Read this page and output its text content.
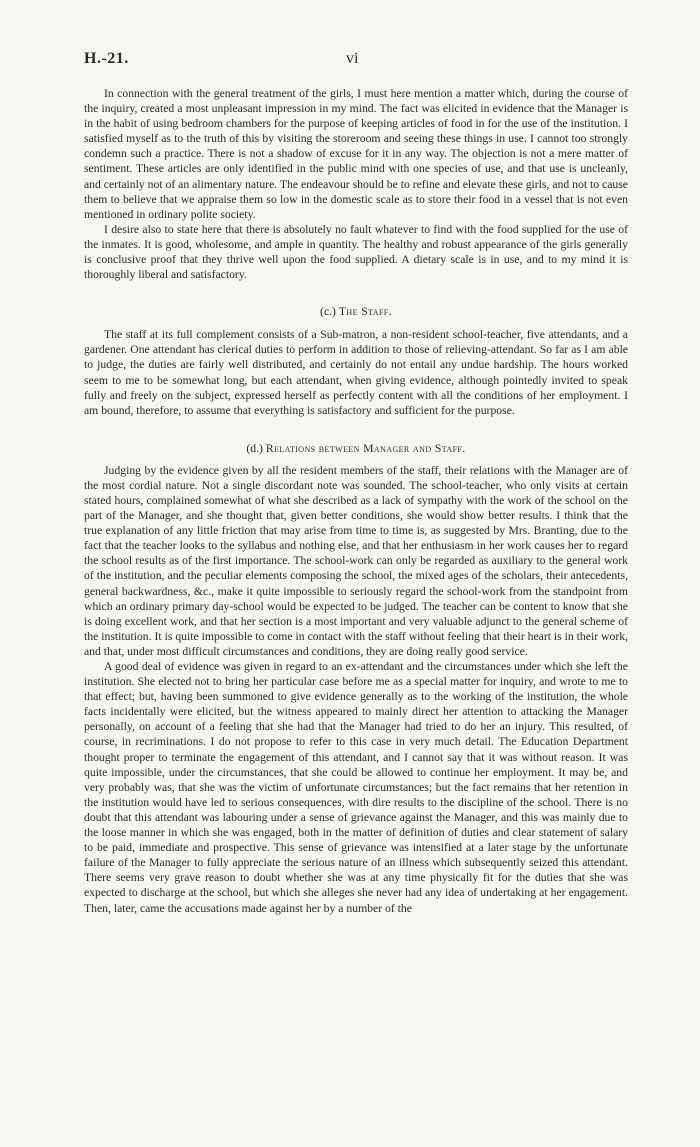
H.-21.	vi

In connection with the general treatment of the girls, I must here mention a matter which, during the course of the inquiry, created a most unpleasant impression in my mind. The fact was elicited in evidence that the Manager is in the habit of using bedroom chambers for the purpose of keeping articles of food in for the use of the institution. I satisfied myself as to the truth of this by visiting the storeroom and seeing these things in use. I cannot too strongly condemn such a practice. There is not a shadow of excuse for it in any way. The objection is not a mere matter of sentiment. These articles are only identified in the public mind with one species of use, and that use is uncleanly, and certainly not of an alimentary nature. The endeavour should be to refine and elevate these girls, and not to cause them to believe that we appraise them so low in the domestic scale as to store their food in a vessel that is not even mentioned in ordinary polite society.

I desire also to state here that there is absolutely no fault whatever to find with the food supplied for the use of the inmates. It is good, wholesome, and ample in quantity. The healthy and robust appearance of the girls generally is conclusive proof that they thrive well upon the food supplied. A dietary scale is in use, and to my mind it is thoroughly liberal and satisfactory.

(c.) The Staff.

The staff at its full complement consists of a Sub-matron, a non-resident school-teacher, five attendants, and a gardener. One attendant has clerical duties to perform in addition to those of relieving-attendant. So far as I am able to judge, the duties are fairly well distributed, and certainly do not entail any undue hardship. The hours worked seem to me to be somewhat long, but each attendant, when giving evidence, although pointedly invited to speak fully and freely on the subject, expressed herself as perfectly content with all the conditions of her employment. I am bound, therefore, to assume that everything is satisfactory and sufficient for the purpose.

(d.) Relations between Manager and Staff.

Judging by the evidence given by all the resident members of the staff, their relations with the Manager are of the most cordial nature. Not a single discordant note was sounded. The school-teacher, who only visits at certain stated hours, complained somewhat of what she described as a lack of sympathy with the work of the school on the part of the Manager, and she thought that, given better conditions, she would show better results. I think that the true explanation of any little friction that may arise from time to time is, as suggested by Mrs. Branting, due to the fact that the teacher looks to the syllabus and nothing else, and that her enthusiasm in her work causes her to regard the school results as of the first importance. The school-work can only be regarded as auxiliary to the general work of the institution, and the peculiar elements composing the school, the mixed ages of the scholars, their antecedents, general backwardness, &c., make it quite impossible to seriously regard the school-work from the standpoint from which an ordinary primary day-school would be expected to be judged. The teacher can be content to know that she is doing excellent work, and that her section is a most important and very valuable adjunct to the general scheme of the institution. It is quite impossible to come in contact with the staff without feeling that their heart is in their work, and that, under most difficult circumstances and conditions, they are doing really good service.

A good deal of evidence was given in regard to an ex-attendant and the circumstances under which she left the institution. She elected not to bring her particular case before me as a special matter for inquiry, and wrote to me to that effect; but, having been summoned to give evidence generally as to the working of the institution, the whole facts incidentally were elicited, but the witness appeared to mainly direct her attention to attacking the Manager personally, on account of a feeling that she had that the Manager had tried to do her an injury. This resulted, of course, in recriminations. I do not propose to refer to this case in very much detail. The Education Department thought proper to terminate the engagement of this attendant, and I cannot say that it was without reason. It was quite impossible, under the circumstances, that she could be allowed to continue her employment. It may be, and very probably was, that she was the victim of unfortunate circumstances; but the fact remains that her retention in the institution would have led to serious consequences, with dire results to the discipline of the school. There is no doubt that this attendant was labouring under a sense of grievance against the Manager, and this was mainly due to the loose manner in which she was engaged, both in the matter of definition of duties and clear statement of salary to be paid, immediate and prospective. This sense of grievance was intensified at a later stage by the unfortunate failure of the Manager to fully appreciate the serious nature of an illness which subsequently seized this attendant. There seems very grave reason to doubt whether she was at any time physically fit for the duties that she was expected to discharge at the school, but which she alleges she never had any idea of undertaking at her engagement. Then, later, came the accusations made against her by a number of the
